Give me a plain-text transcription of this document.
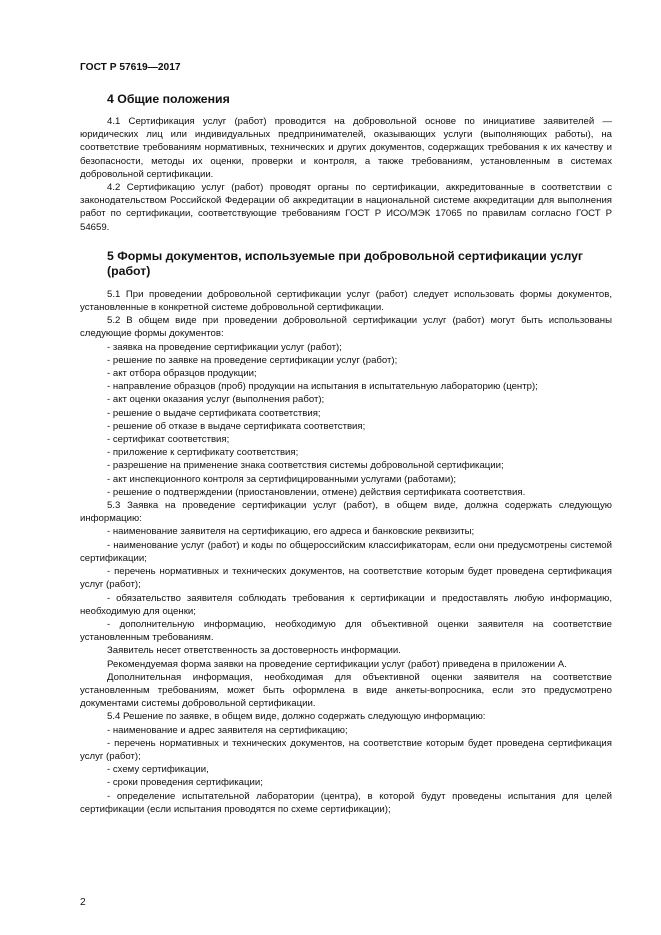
ГОСТ Р 57619—2017
4 Общие положения

4.1 Сертификация услуг (работ) проводится на добровольной основе по инициативе заявителей — юридических лиц или индивидуальных предпринимателей, оказывающих услуги (выполняющих работы), на соответствие требованиям нормативных, технических и других документов, содержащих требования к их качеству и безопасности, методы их оценки, проверки и контроля, а также требованиям, установленным в системах добровольной сертификации.

4.2 Сертификацию услуг (работ) проводят органы по сертификации, аккредитованные в соответствии с законодательством Российской Федерации об аккредитации в национальной системе аккредитации для выполнения работ по сертификации, соответствующие требованиям ГОСТ Р ИСО/МЭК 17065 по правилам согласно ГОСТ Р 54659.

5 Формы документов, используемые при добровольной сертификации услуг (работ)

5.1 При проведении добровольной сертификации услуг (работ) следует использовать формы документов, установленные в конкретной системе добровольной сертификации.

5.2 В общем виде при проведении добровольной сертификации услуг (работ) могут быть использованы следующие формы документов:

- заявка на проведение сертификации услуг (работ);

- решение по заявке на проведение сертификации услуг (работ);

- акт отбора образцов продукции;

- направление образцов (проб) продукции на испытания в испытательную лабораторию (центр);

- акт оценки оказания услуг (выполнения работ);

- решение о выдаче сертификата соответствия;

- решение об отказе в выдаче сертификата соответствия;

- сертификат соответствия;

- приложение к сертификату соответствия;

- разрешение на применение знака соответствия системы добровольной сертификации;

- акт инспекционного контроля за сертифицированными услугами (работами);

- решение о подтверждении (приостановлении, отмене) действия сертификата соответствия.

5.3 Заявка на проведение сертификации услуг (работ), в общем виде, должна содержать следующую информацию:

- наименование заявителя на сертификацию, его адреса и банковские реквизиты;

- наименование услуг (работ) и коды по общероссийским классификаторам, если они предусмотрены системой сертификации;

- перечень нормативных и технических документов, на соответствие которым будет проведена сертификация услуг (работ);

- обязательство заявителя соблюдать требования к сертификации и предоставлять любую информацию, необходимую для оценки;

- дополнительную информацию, необходимую для объективной оценки заявителя на соответствие установленным требованиям.

Заявитель несет ответственность за достоверность информации.

Рекомендуемая форма заявки на проведение сертификации услуг (работ) приведена в приложении А.

Дополнительная информация, необходимая для объективной оценки заявителя на соответствие установленным требованиям, может быть оформлена в виде анкеты-вопросника, если это предусмотрено документами системы добровольной сертификации.

5.4 Решение по заявке, в общем виде, должно содержать следующую информацию:

- наименование и адрес заявителя на сертификацию;

- перечень нормативных и технических документов, на соответствие которым будет проведена сертификация услуг (работ);

- схему сертификации,

- сроки проведения сертификации;

- определение испытательной лаборатории (центра), в которой будут проведены испытания для целей сертификации (если испытания проводятся по схеме сертификации);

2
